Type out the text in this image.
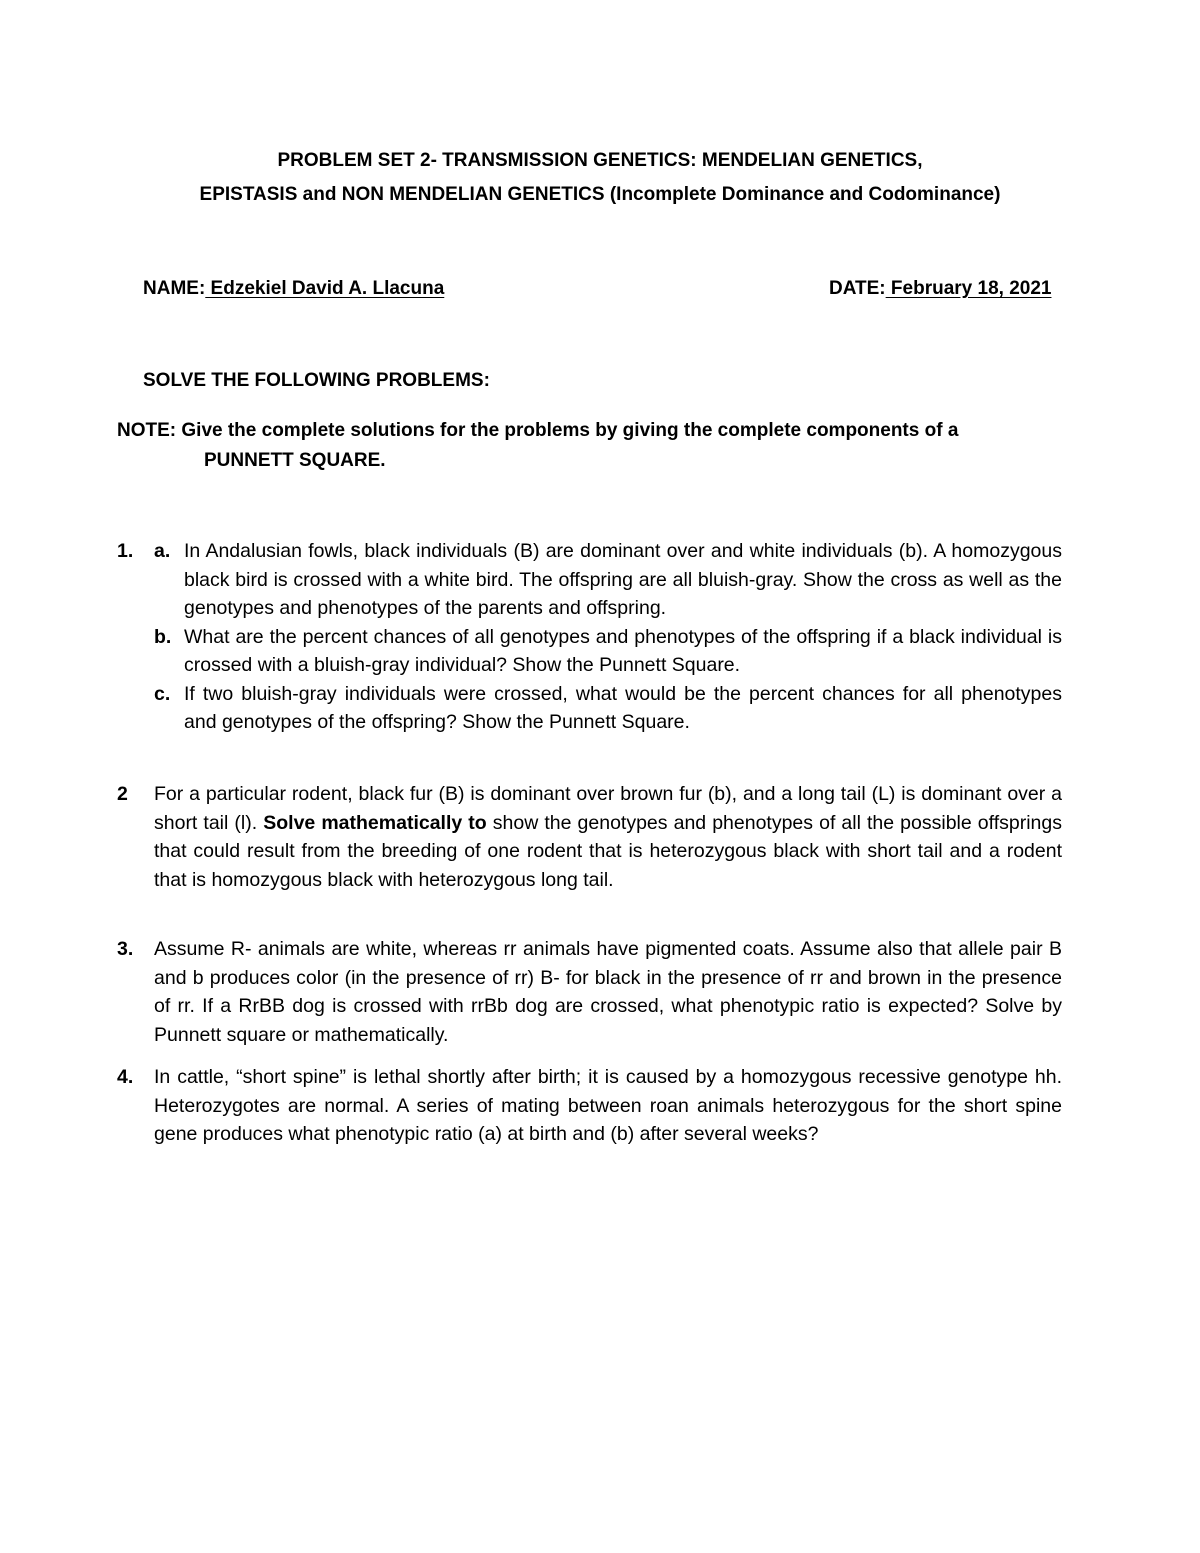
PROBLEM SET 2- TRANSMISSION GENETICS: MENDELIAN GENETICS,
EPISTASIS and NON MENDELIAN GENETICS (Incomplete Dominance and Codominance)
NAME: Edzekiel David A. Llacuna	DATE: February 18, 2021
SOLVE THE FOLLOWING PROBLEMS:
NOTE: Give the complete solutions for the problems by giving the complete components of a
PUNNETT SQUARE.
1. a. In Andalusian fowls, black individuals (B) are dominant over and white individuals (b). A homozygous black bird is crossed with a white bird. The offspring are all bluish-gray. Show the cross as well as the genotypes and phenotypes of the parents and offspring.
b. What are the percent chances of all genotypes and phenotypes of the offspring if a black individual is crossed with a bluish-gray individual? Show the Punnett Square.
c. If two bluish-gray individuals were crossed, what would be the percent chances for all phenotypes and genotypes of the offspring? Show the Punnett Square.
2 For a particular rodent, black fur (B) is dominant over brown fur (b), and a long tail (L) is dominant over a short tail (l). Solve mathematically to show the genotypes and phenotypes of all the possible offsprings that could result from the breeding of one rodent that is heterozygous black with short tail and a rodent that is homozygous black with heterozygous long tail.
3. Assume R- animals are white, whereas rr animals have pigmented coats. Assume also that allele pair B and b produces color (in the presence of rr) B- for black in the presence of rr and brown in the presence of rr. If a RrBB dog is crossed with rrBb dog are crossed, what phenotypic ratio is expected? Solve by Punnett square or mathematically.
4. In cattle, “short spine” is lethal shortly after birth; it is caused by a homozygous recessive genotype hh. Heterozygotes are normal. A series of mating between roan animals heterozygous for the short spine gene produces what phenotypic ratio (a) at birth and (b) after several weeks?
